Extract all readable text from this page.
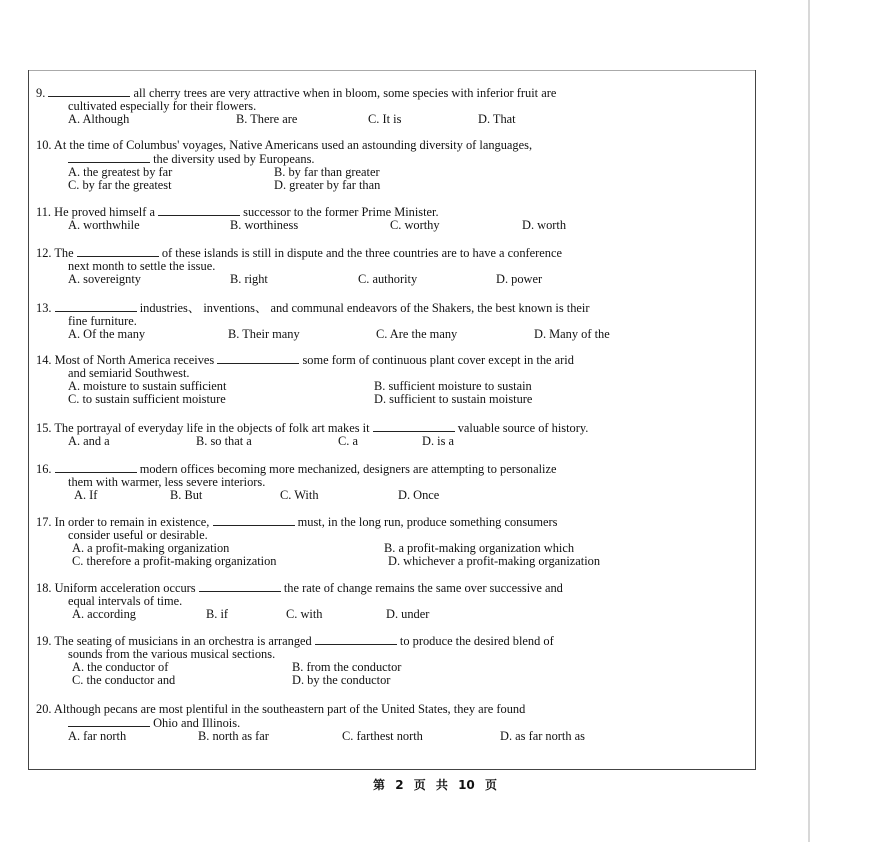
9.	all cherry trees are very attractive when in bloom, some species with inferior fruit are
cultivated especially for their flowers.
A. Although	B. There are	C. It is	D. That
10. At the time of Columbus' voyages, Native Americans used an astounding diversity of languages,
the diversity used by Europeans.
A. the greatest by far	B. by far than greater
C. by far the greatest	D. greater by far than
11. He proved himself a	successor to the former Prime Minister.
A. worthwhile	B. worthiness	C. worthy	D. worth
12. The	of these islands is still in dispute and the three countries are to have a conference
next month to settle the issue.
A. sovereignty	B. right	C. authority	D. power
13.	industries、 inventions、 and communal endeavors of the Shakers, the best known is their
fine furniture.
A. Of the many	B. Their many	C. Are the many	D. Many of the
14. Most of North America receives	some form of continuous plant cover except in the arid
and semiarid Southwest.
A. moisture to sustain sufficient	B. sufficient moisture to sustain
C. to sustain sufficient moisture	D. sufficient to sustain moisture
15. The portrayal of everyday life in the objects of folk art makes it	valuable source of history.
A. and a	B. so that a	C. a	D. is a
16.	modern offices becoming more mechanized, designers are attempting to personalize
them with warmer, less severe interiors.
A. If	B. But	C. With	D. Once
17. In order to remain in existence,	must, in the long run, produce something consumers
consider useful or desirable.
A. a profit-making organization	B. a profit-making organization which
C. therefore a profit-making organization	D. whichever a profit-making organization
18. Uniform acceleration occurs	the rate of change remains the same over successive and
equal intervals of time.
A. according	B. if	C. with	D. under
19. The seating of musicians in an orchestra is arranged	to produce the desired blend of
sounds from the various musical sections.
A. the conductor of	B. from the conductor
C. the conductor and	D. by the conductor
20. Although pecans are most plentiful in the southeastern part of the United States, they are found
Ohio and Illinois.
A. far north	B. north as far	C. farthest north	D. as far north as
第 2 页 共 10 页
